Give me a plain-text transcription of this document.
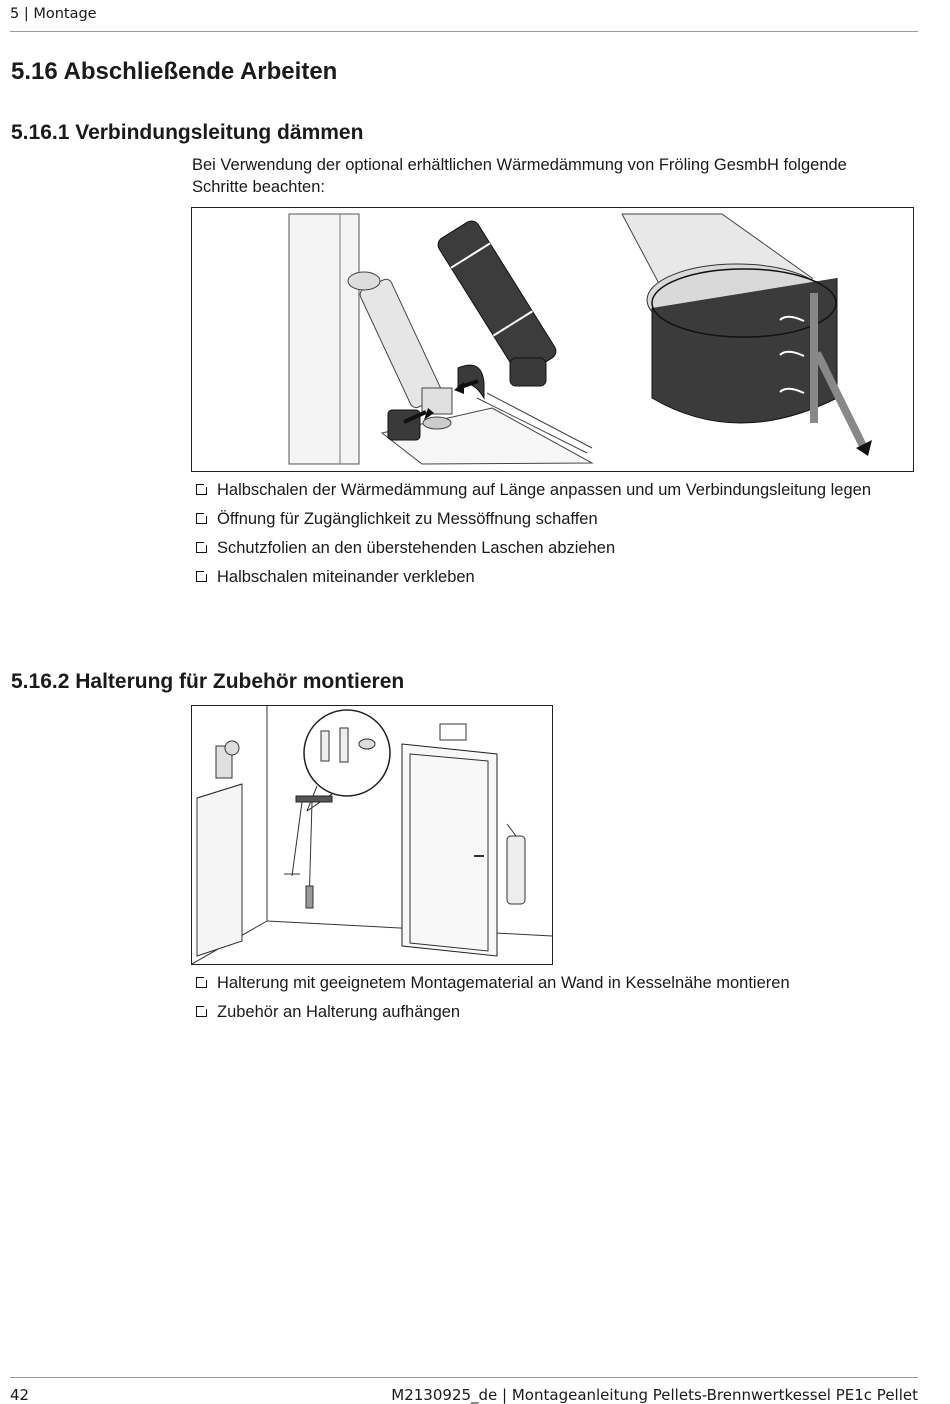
5 | Montage
5.16 Abschließende Arbeiten
5.16.1 Verbindungsleitung dämmen
Bei Verwendung der optional erhältlichen Wärmedämmung von Fröling GesmbH folgende Schritte beachten:
Halbschalen der Wärmedämmung auf Länge anpassen und um Verbindungsleitung legen
Öffnung für Zugänglichkeit zu Messöffnung schaffen
Schutzfolien an den überstehenden Laschen abziehen
Halbschalen miteinander verkleben
5.16.2 Halterung für Zubehör montieren
Halterung mit geeignetem Montagematerial an Wand in Kesselnähe montieren
Zubehör an Halterung aufhängen
42	M2130925_de | Montageanleitung Pellets-Brennwertkessel PE1c Pellet
